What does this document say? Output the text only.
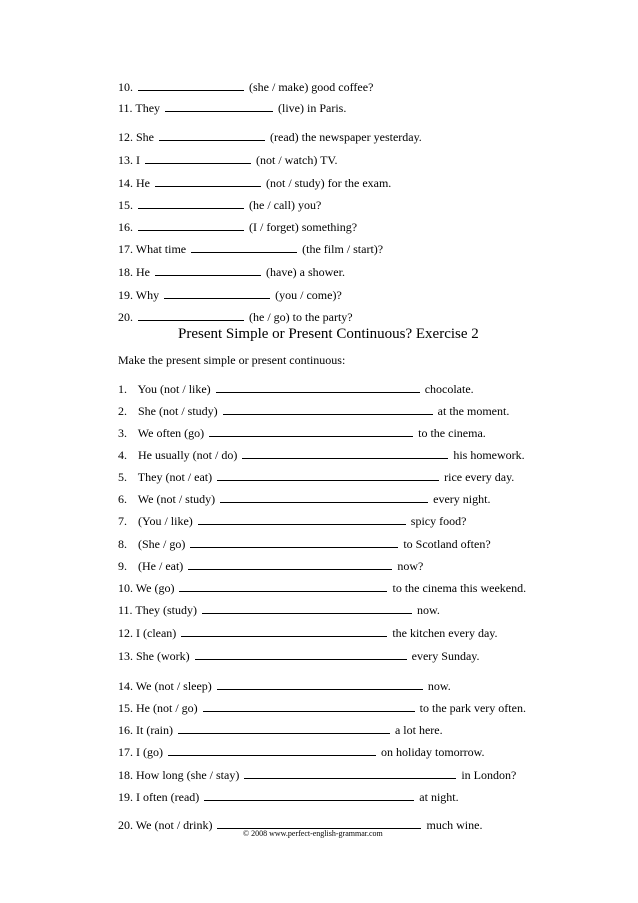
10.	(she / make) good coffee?
11. They	(live) in Paris.
12. She	(read) the newspaper yesterday.
13. I	(not / watch) TV.
14. He	(not / study) for the exam.
15.	(he / call) you?
16.	(I / forget) something?
17. What time	(the film / start)?
18. He	(have) a shower.
19. Why	(you / come)?
20.	(he / go) to the party?
Present Simple or Present Continuous? Exercise 2
Make the present simple or present continuous:
1. You (not / like)	chocolate.
2. She (not / study)	at the moment.
3. We often (go)	to the cinema.
4. He usually (not / do)	his homework.
5. They (not / eat)	rice every day.
6. We (not / study)	every night.
7. (You / like)	spicy food?
8. (She / go)	to Scotland often?
9. (He / eat)	now?
10. We (go)	to the cinema this weekend.
11. They (study)	now.
12. I (clean)	the kitchen every day.
13. She (work)	every Sunday.
14. We (not / sleep)	now.
15. He (not / go)	to the park very often.
16. It (rain)	a lot here.
17. I (go)	on holiday tomorrow.
18. How long (she / stay)	in London?
19. I often (read)	at night.
20. We (not / drink)	much wine.
© 2008 www.perfect-english-grammar.com
